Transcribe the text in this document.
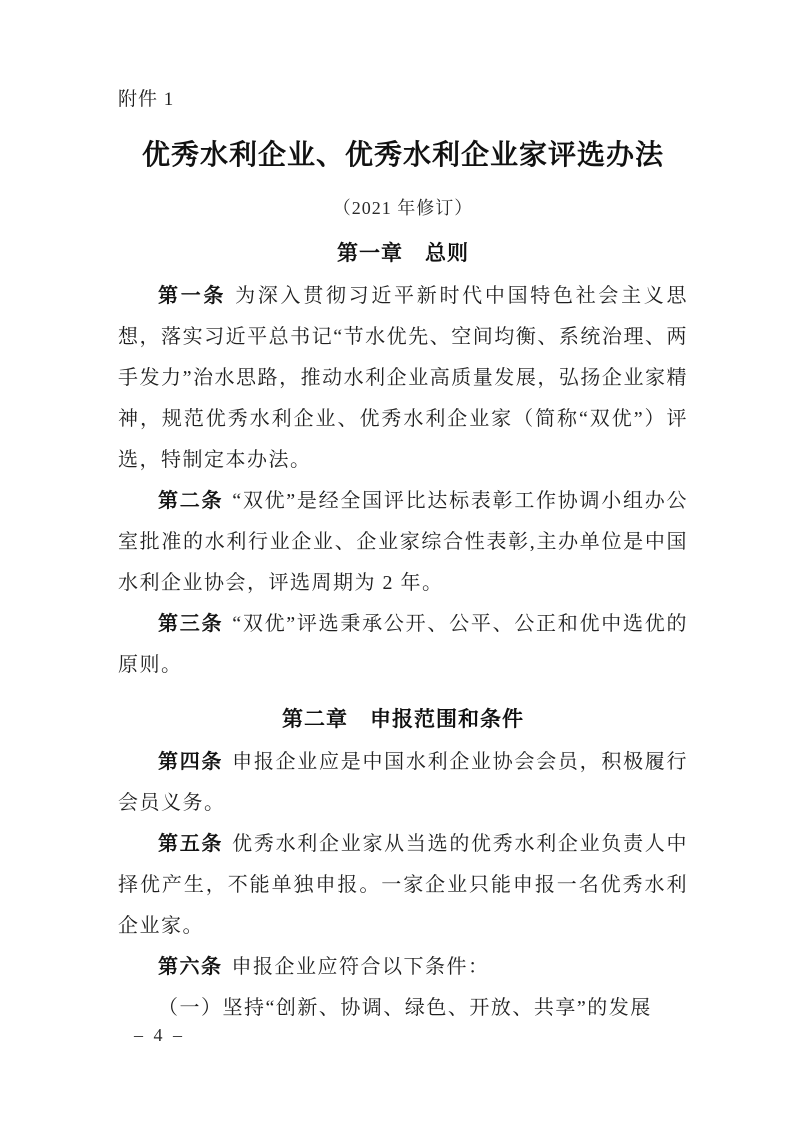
附件 1
优秀水利企业、优秀水利企业家评选办法
（2021 年修订）
第一章　总则

第一条 为深入贯彻习近平新时代中国特色社会主义思想，落实习近平总书记“节水优先、空间均衡、系统治理、两手发力”治水思路，推动水利企业高质量发展，弘扬企业家精神，规范优秀水利企业、优秀水利企业家（简称“双优”）评选，特制定本办法。

第二条 “双优”是经全国评比达标表彰工作协调小组办公室批准的水利行业企业、企业家综合性表彰,主办单位是中国水利企业协会，评选周期为 2 年。

第三条 “双优”评选秉承公开、公平、公正和优中选优的原则。

第二章　申报范围和条件

第四条 申报企业应是中国水利企业协会会员，积极履行会员义务。

第五条 优秀水利企业家从当选的优秀水利企业负责人中择优产生，不能单独申报。一家企业只能申报一名优秀水利企业家。

第六条 申报企业应符合以下条件：

（一）坚持“创新、协调、绿色、开放、共享”的发展

– 4 –
